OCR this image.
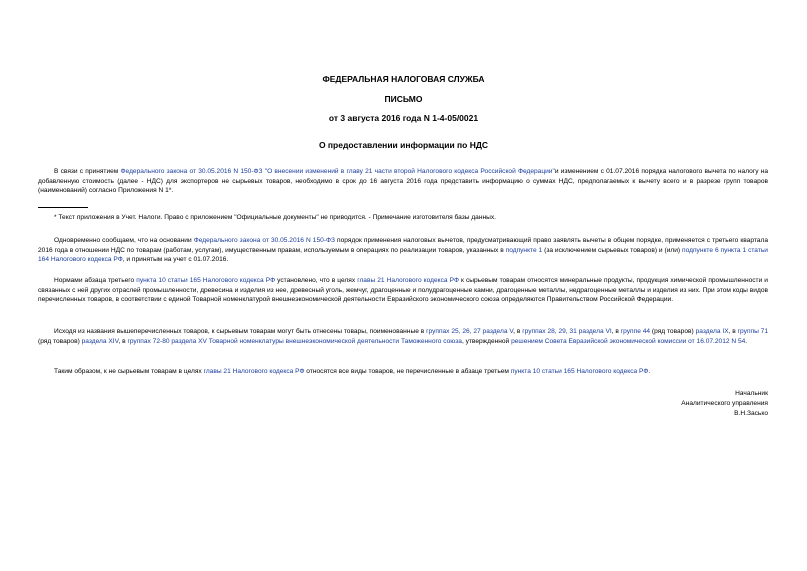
ФЕДЕРАЛЬНАЯ НАЛОГОВАЯ СЛУЖБА
ПИСЬМО
от 3 августа 2016 года N 1-4-05/0021
О предоставлении информации по НДС

В связи с принятием Федерального закона от 30.05.2016 N 150-ФЗ "О внесении изменений в главу 21 части второй Налогового кодекса Российской Федерации"и изменением с 01.07.2016 порядка налогового вычета по налогу на добавленную стоимость (далее - НДС) для экспортеров не сырьевых товаров, необходимо в срок до 16 августа 2016 года представить информацию о суммах НДС, предполагаемых к вычету всего и в разрезе групп товаров (наименований) согласно Приложения N 1*.

* Текст приложения в Учет. Налоги. Право с приложением "Официальные документы" не приводится. - Примечание изготовителя базы данных.

Одновременно сообщаем, что на основании Федерального закона от 30.05.2016 N 150-ФЗ порядок применения налоговых вычетов, предусматривающий право заявлять вычеты в общем порядке, применяется с третьего квартала 2016 года в отношении НДС по товарам (работам, услугам), имущественным правам, используемым в операциях по реализации товаров, указанных в подпункте 1 (за исключением сырьевых товаров) и (или) подпункте 6 пункта 1 статьи 164 Налогового кодекса РФ, и принятым на учет с 01.07.2016.

Нормами абзаца третьего пункта 10 статьи 165 Налогового кодекса РФ установлено, что в целях главы 21 Налогового кодекса РФ к сырьевым товарам относятся минеральные продукты, продукция химической промышленности и связанных с ней других отраслей промышленности, древесина и изделия из нее, древесный уголь, жемчуг, драгоценные и полудрагоценные камни, драгоценные металлы, недрагоценные металлы и изделия из них. При этом коды видов перечисленных товаров, в соответствии с единой Товарной номенклатурой внешнеэкономической деятельности Евразийского экономического союза определяются Правительством Российской Федерации.

Исходя из названия вышеперечисленных товаров, к сырьевым товарам могут быть отнесены товары, поименованные в группах 25, 26, 27 раздела V, в группах 28, 29, 31 раздела VI, в группе 44 (ряд товаров) раздела IX, в группы 71 (ряд товаров) раздела XIV, в группах 72-80 раздела XV Товарной номенклатуры внешнеэкономической деятельности Таможенного союза, утвержденной решением Совета Евразийской экономической комиссии от 16.07.2012 N 54.

Таким образом, к не сырьевым товарам в целях главы 21 Налогового кодекса РФ относятся все виды товаров, не перечисленные в абзаце третьем пункта 10 статьи 165 Налогового кодекса РФ.

Начальник
Аналитического управления
В.Н.Засько
